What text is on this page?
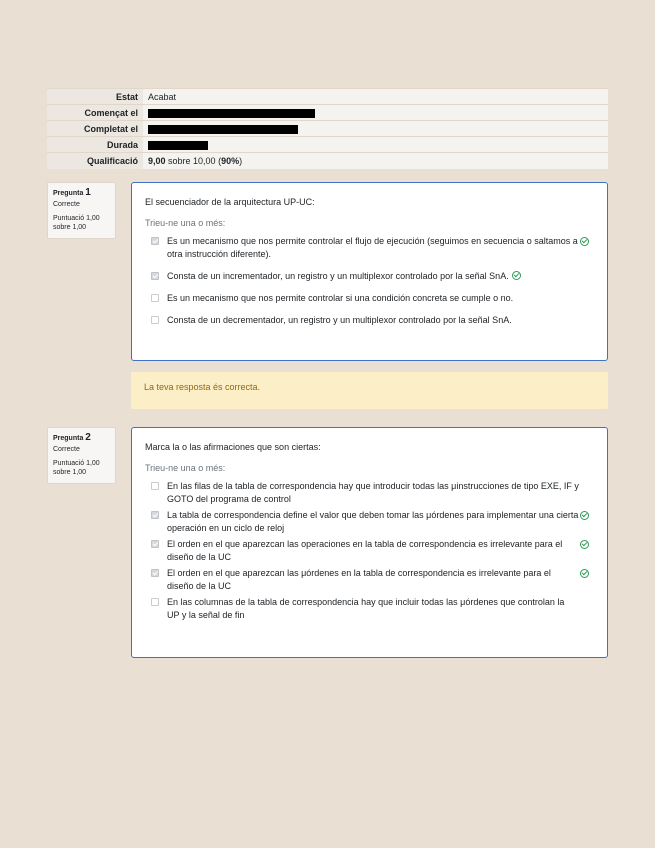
Estat	Acabat
Començat el	
Completat el	
Durada	
Qualificació	9,00 sobre 10,00 (90%)
Pregunta 1
Correcte
Puntuació 1,00 sobre 1,00
El secuenciador de la arquitectura UP-UC:
Trieu-ne una o més:
Es un mecanismo que nos permite controlar el flujo de ejecución (seguimos en secuencia o saltamos a otra instrucción diferente).
Consta de un incrementador, un registro y un multiplexor controlado por la señal SnA.
Es un mecanismo que nos permite controlar si una condición concreta se cumple o no.
Consta de un decrementador, un registro y un multiplexor controlado por la señal SnA.
La teva resposta és correcta.
Pregunta 2
Correcte
Puntuació 1,00 sobre 1,00
Marca la o las afirmaciones que son ciertas:
Trieu-ne una o més:
En las filas de la tabla de correspondencia hay que introducir todas las μinstrucciones de tipo EXE, IF y GOTO del programa de control
La tabla de correspondencia define el valor que deben tomar las μórdenes para implementar una cierta operación en un ciclo de reloj
El orden en el que aparezcan las operaciones en la tabla de correspondencia es irrelevante para el diseño de la UC
El orden en el que aparezcan las μórdenes en la tabla de correspondencia es irrelevante para el diseño de la UC
En las columnas de la tabla de correspondencia hay que incluir todas las μórdenes que controlan la UP y la señal de fin
